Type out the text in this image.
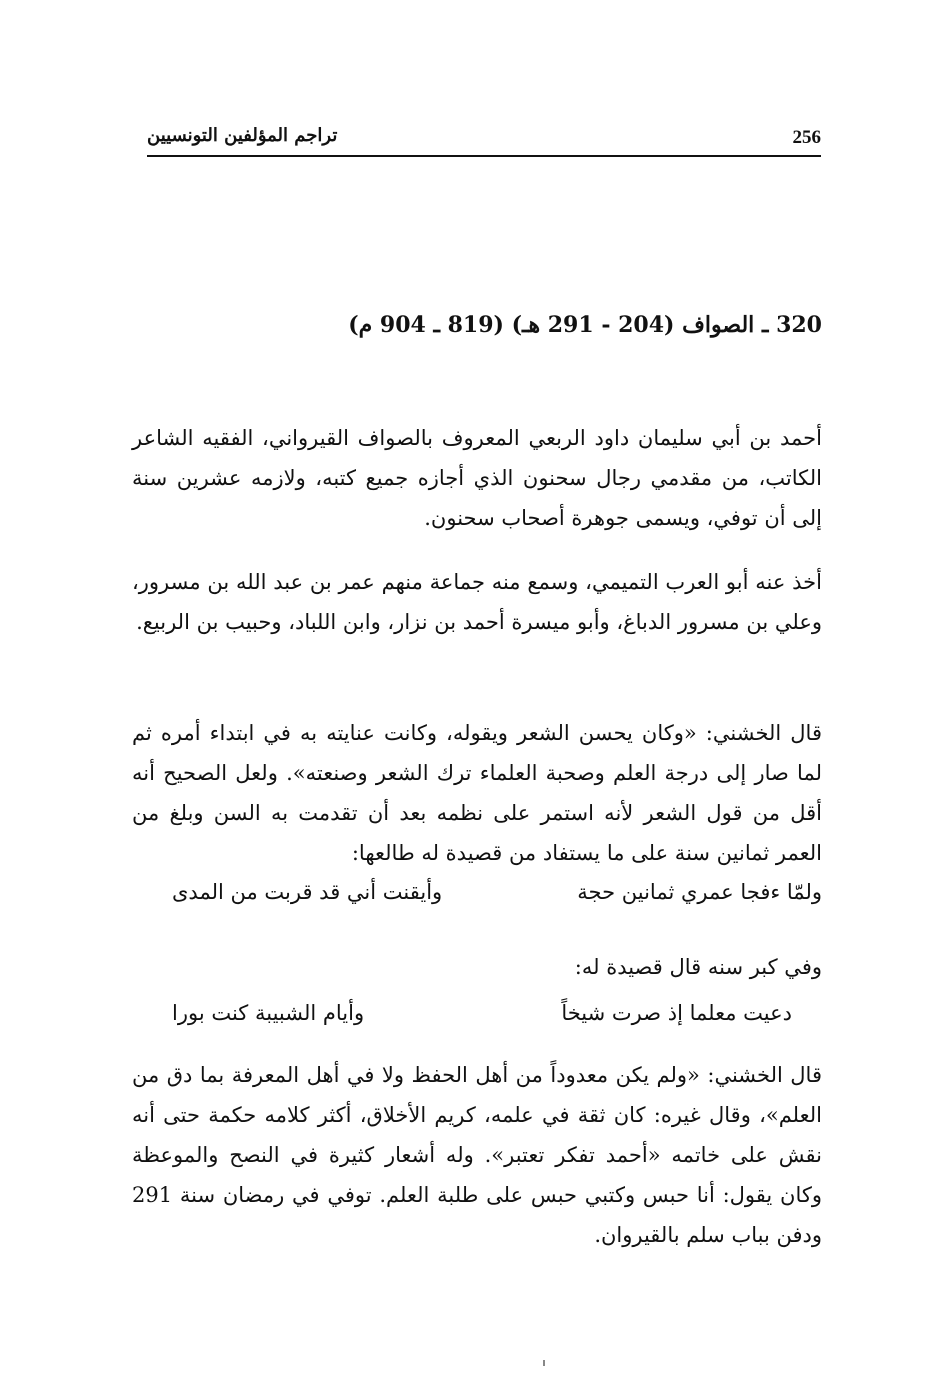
256
تراجم المؤلفين التونسيين
320 ـ الصواف (204 - 291 هـ) (819 ـ 904 م)

أحمد بن أبي سليمان داود الربعي المعروف بالصواف القيرواني، الفقيه الشاعر الكاتب، من مقدمي رجال سحنون الذي أجازه جميع كتبه، ولازمه عشرين سنة إلى أن توفي، ويسمى جوهرة أصحاب سحنون.

أخذ عنه أبو العرب التميمي، وسمع منه جماعة منهم عمر بن عبد الله بن مسرور، وعلي بن مسرور الدباغ، وأبو ميسرة أحمد بن نزار، وابن اللباد، وحبيب بن الربيع.

قال الخشني: «وكان يحسن الشعر ويقوله، وكانت عنايته به في ابتداء أمره ثم لما صار إلى درجة العلم وصحبة العلماء ترك الشعر وصنعته». ولعل الصحيح أنه أقل من قول الشعر لأنه استمر على نظمه بعد أن تقدمت به السن وبلغ من العمر ثمانين سنة على ما يستفاد من قصيدة له طالعها:

ولمّا ءفجا عمري ثمانين حجة
وأيقنت أني قد قربت من المدى

وفي كبر سنه قال قصيدة له:

دعيت معلما إذ صرت شيخاً
وأيام الشبيبة كنت بورا

قال الخشني: «ولم يكن معدوداً من أهل الحفظ ولا في أهل المعرفة بما دق من العلم»، وقال غيره: كان ثقة في علمه، كريم الأخلاق، أكثر كلامه حكمة حتى أنه نقش على خاتمه «أحمد تفكر تعتبر». وله أشعار كثيرة في النصح والموعظة وكان يقول: أنا حبس وكتبي حبس على طلبة العلم. توفي في رمضان سنة 291 ودفن بباب سلم بالقيروان.
